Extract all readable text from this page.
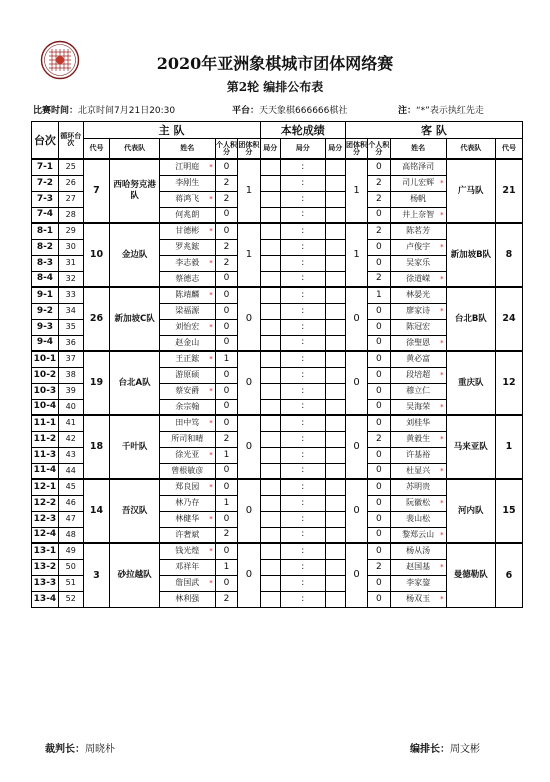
2020年亚洲象棋城市团体网络赛
第2轮 编排公布表
比赛时间：北京时间7月21日20:30	平台：天天象棋666666棋社	注：“*”表示执红先走
台次	循环台次	主 队					本轮成绩			客 队				
		代号	代表队	姓名	个人积分	团体积分	局分	局分	局分	团体积分	个人积分	姓名	代表队	代号
7-1	25	7	西哈努克港队	江明庭 *	0	1		:		1	0	高铭泽司	广马队	21
7-2	26			李剐生	2			:			2	司儿宏辉 *		

7-3	27			蒋鸿飞 *	2			:			2	杨帆		
7-4	28			何兆朗	0			:			0	井上奈智 *		

8-1	29	10	金边队	甘德彬 *	0	1		:		1	2	陈茗芳	新加坡B队	8
8-2	30			罗兆鋐	2			:			0	卢俊宇 *		

8-3	31			李志毅 *	2			:			0	吴家乐		
8-4	32			蔡德志	0			:			2	徐道嵘 *		

9-1	33	26	新加坡C队	陈靖麟 *	0	0		:		0	1	林晏光	台北B队	24
9-2	34			梁福源	0			:			0	廖家诗 *		

9-3	35			刘怡宏 *	0			:			0	陈冠宏		
9-4	36			赵金山	0			:			0	徐聖恩 *		

10-1	37	19	台北A队	王正鋐 *	1	0		:		0	0	黄必富	重庆队	12
10-2	38			游原硕	0			:			0	段培超 *		

10-3	39			蔡安爵 *	0			:			0	穆立仁		
10-4	40			余宗翰	0			:			0	吴海荣 *		

11-1	41	18	千叶队	田中笃 *	0	0		:		0	0	刘桂华	马来亚队	1
11-2	42			所司和晴	2			:			2	黄毅生 *		

11-3	43			徐光亚 *	1			:			0	许基裕		
11-4	44			曾根敏彦	0			:			0	杜显兴 *		

12-1	45	14	吾汉队	郑良园 *	0	0		:		0	0	苏明贵	河内队	15
12-2	46			林乃存	1			:			0	阮徽松 *		

12-3	47			林健华 *	0			:			0	裴山松		
12-4	48			许奢斌	2			:			0	黎郑云山 *		

13-1	49	3	砂拉越队	钱光煌 *	0	0		:		0	0	杨从汤	曼德勒队	6
13-2	50			邓祥年	1			:			2	赵国基 *		

13-3	51			詹国武 *	0			:			0	李家鋆		
13-4	52			林利强	2			:			0	杨双玉 *		
裁判长：周晓朴	编排长：周文彬
